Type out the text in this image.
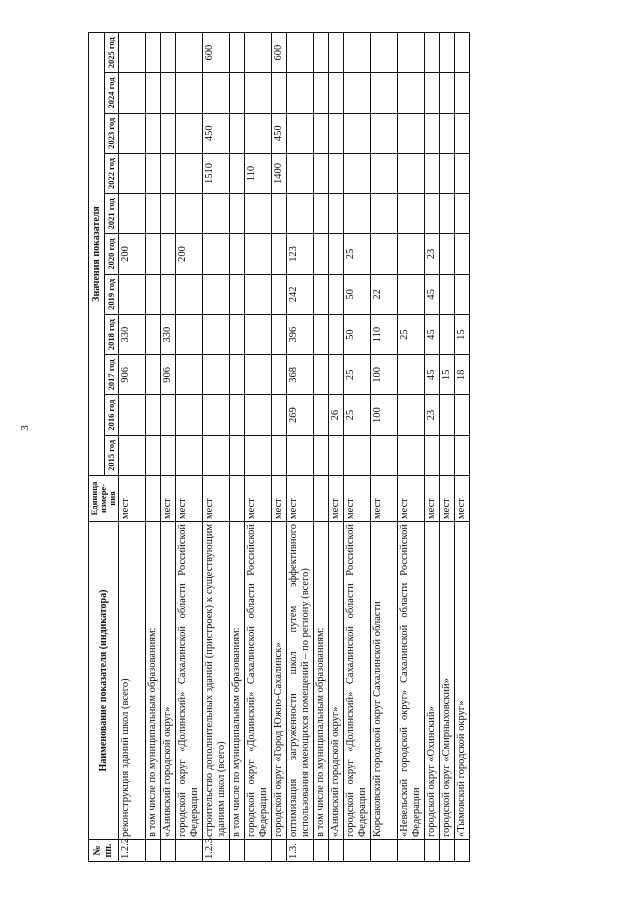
3
№ пп.	Наименование показателя (индикатора)	Единица измере-ния	Значения показателя										
			2015 год	2016 год	2017 год	2018 год	2019 год	2020 год	2021 год	2022 год	2023 год	2024 год	2025 год
1.2.2	реконструкция зданий школ (всего)	мест			906	330		200					
	в том числе по муниципальным образованиям:												
	«Анивский городской округ»	мест			906	330							
	городской округ «Долинский» Сахалинской области Российской Федерации	мест						200					
1.2.3	строительство дополнительных зданий (пристроек) к существующим зданиям школ (всего)	мест								1510	450		600
	в том числе по муниципальным образованиям:												
	городской округ «Долинский» Сахалинской области Российской Федерации	мест								110			
	городской округ «Город Южно-Сахалинск»	мест								1400	450		600
1.3.	оптимизация загруженности школ путем эффективного использования имеющихся помещений – по региону (всего)	мест		269	368	396	242	123					
	в том числе по муниципальным образованиям:												
	«Анивский городской округ»	мест		26									
	городской округ «Долинский» Сахалинской области Российской Федерации	мест		25	25	50	50	25					
	Корсаковский городской округ Сахалинской области	мест		100	100	110	22						
	«Невельский городской округ» Сахалинской области Российской Федерации	мест				25							
	городской округ «Охинский»	мест		23	45	45	45	23					
	городской округ «Смирныховский»	мест			15								
	«Тымовский городской округ»	мест			18	15							
